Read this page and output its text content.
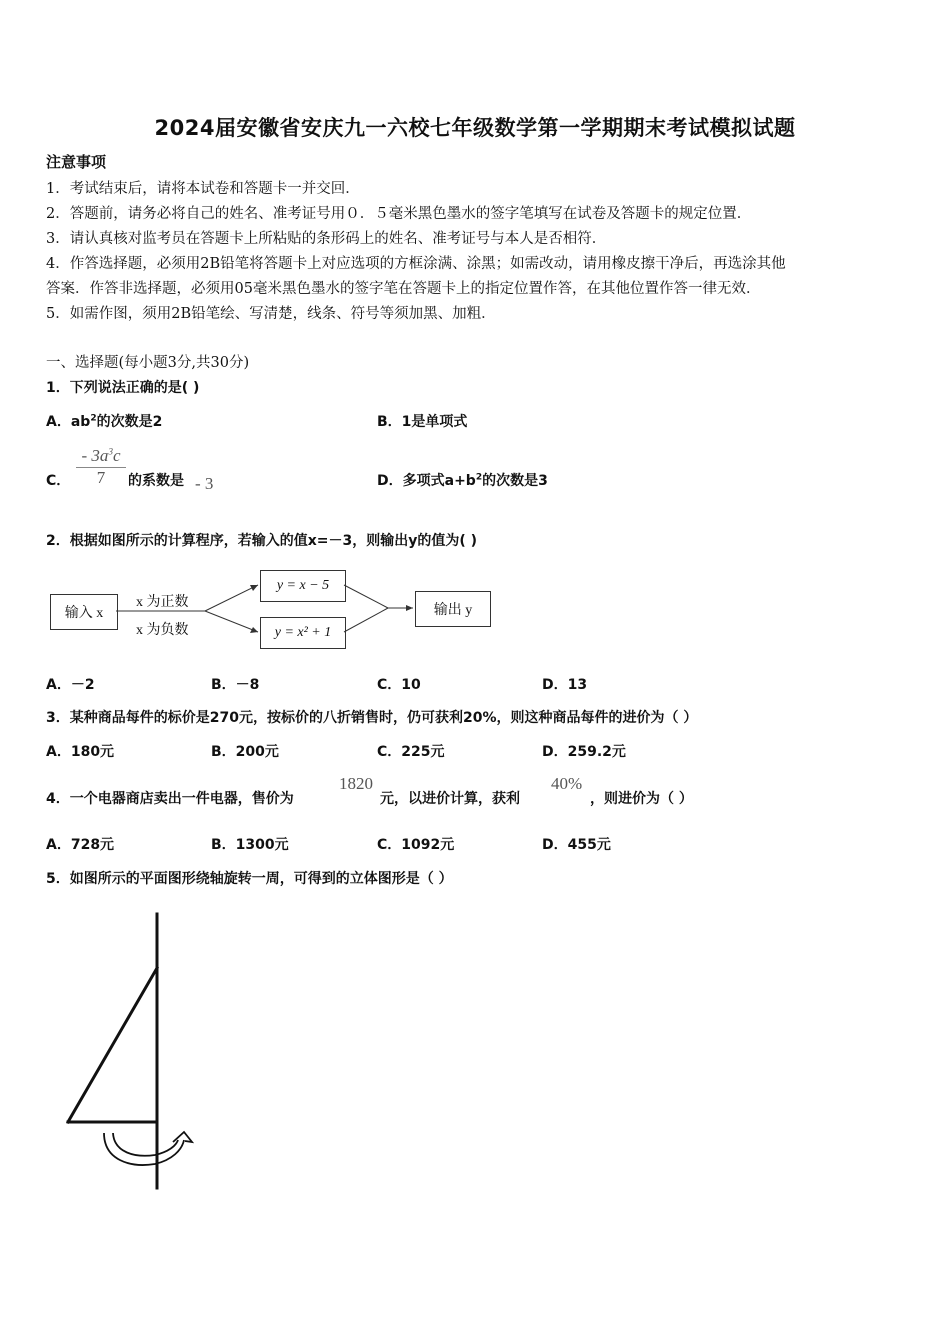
2024届安徽省安庆九一六校七年级数学第一学期期末考试模拟试题
注意事项
1．考试结束后，请将本试卷和答题卡一并交回．
2．答题前，请务必将自己的姓名、准考证号用０．５毫米黑色墨水的签字笔填写在试卷及答题卡的规定位置．
3．请认真核对监考员在答题卡上所粘贴的条形码上的姓名、准考证号与本人是否相符．
4．作答选择题，必须用2B铅笔将答题卡上对应选项的方框涂满、涂黑；如需改动，请用橡皮擦干净后，再选涂其他
答案．作答非选择题，必须用05毫米黑色墨水的签字笔在答题卡上的指定位置作答，在其他位置作答一律无效．
5．如需作图，须用2B铅笔绘、写清楚，线条、符号等须加黑、加粗．
一、选择题(每小题3分,共30分)
1．下列说法正确的是( )
A．$ab^2$的次数是2	B．1是单项式
C． $\frac{- 3a^3c}{7}$ 的系数是 - 3	D．多项式$a+b^2$的次数是3
2．根据如图所示的计算程序，若输入的值x=－3，则输出y的值为( )
输入 x
y = x − 5
y = x² + 1
输出 y
x 为正数
x 为负数
A．－2	B．－8	C．10	D．13
3．某种商品每件的标价是270元，按标价的八折销售时，仍可获利20%，则这种商品每件的进价为（ ）
A．180元	B．200元	C．225元	D．259.2元
4．一个电器商店卖出一件电器，售价为
1820
元，以进价计算，获利
40%
，则进价为（ ）
A．728元	B．1300元	C．1092元	D．455元
5．如图所示的平面图形绕轴旋转一周，可得到的立体图形是（ ）
